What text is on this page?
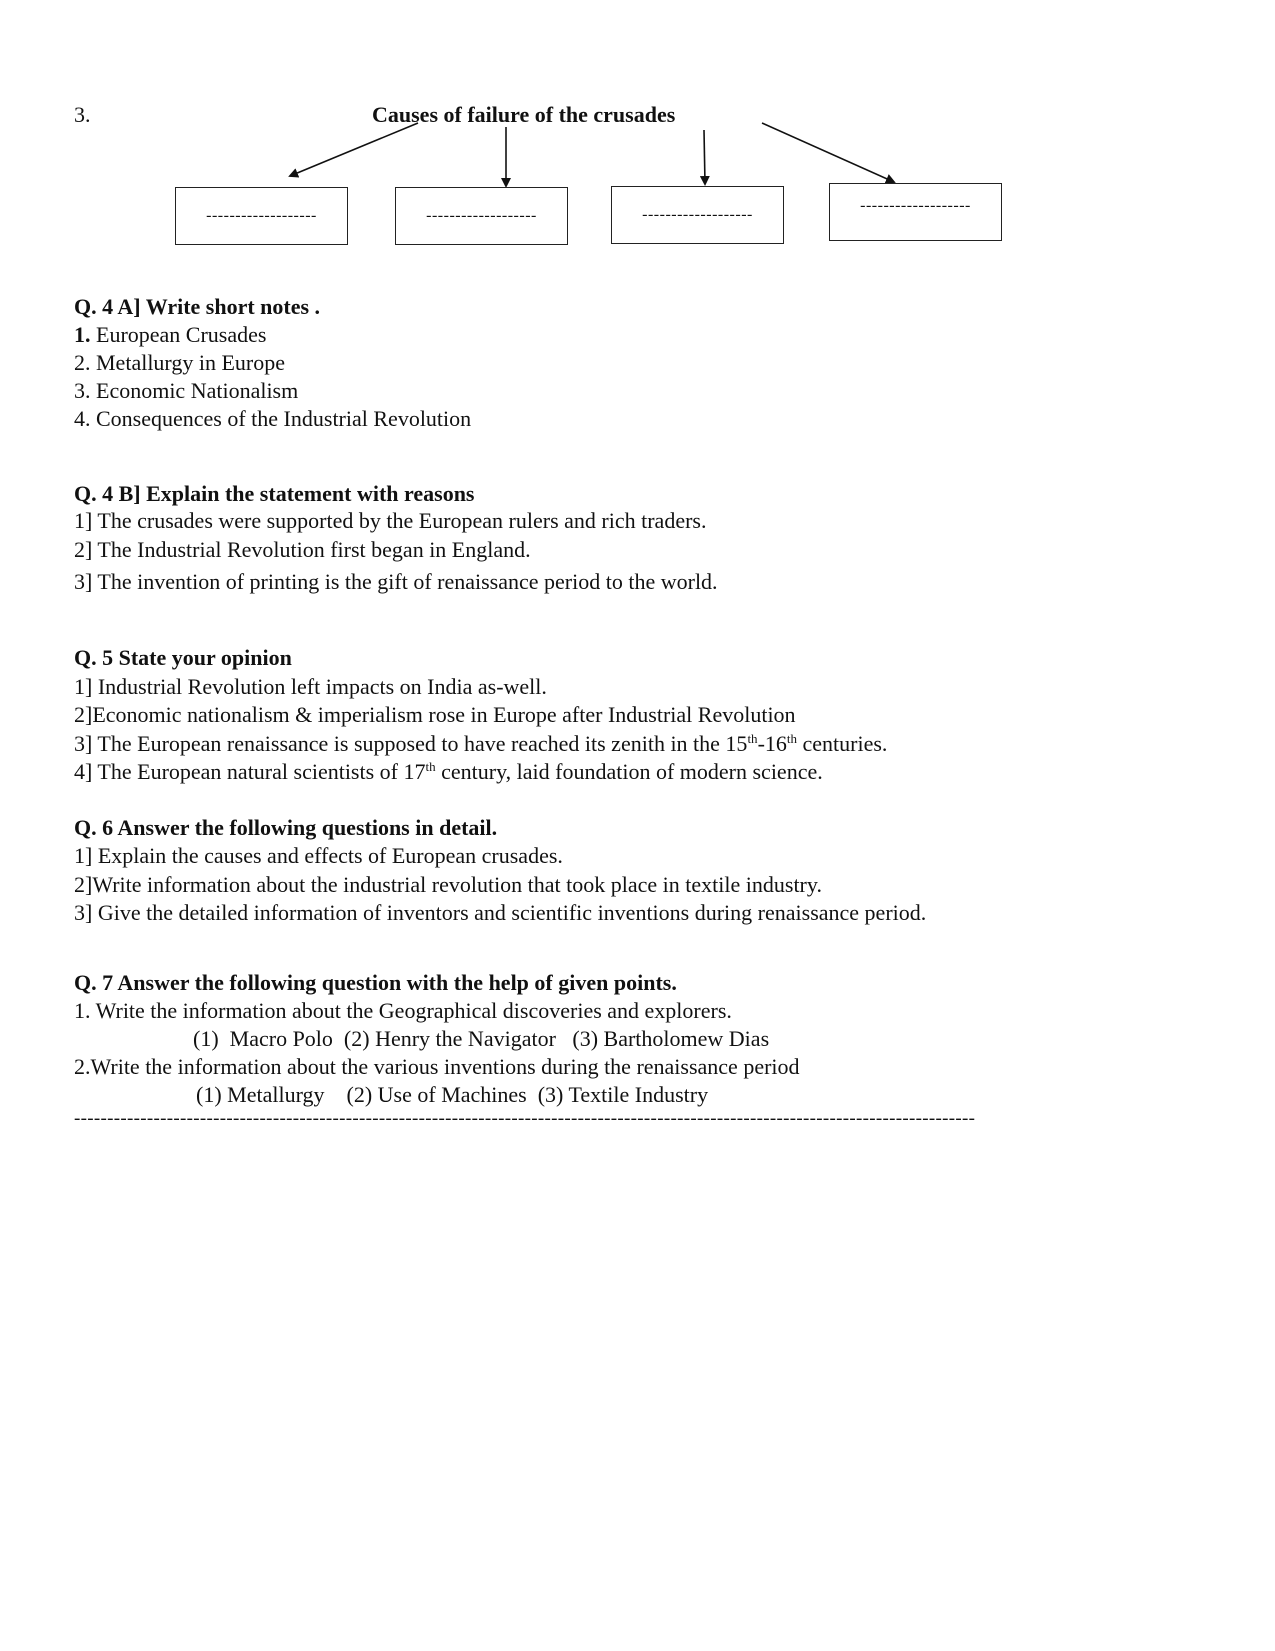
3.	Causes of failure of the crusades
-------------------	-------------------	-------------------
-------------------
Q. 4 A] Write short notes .
1. European Crusades
2. Metallurgy in Europe
3. Economic Nationalism
4. Consequences of the Industrial Revolution
Q. 4 B] Explain the statement with reasons
1] The crusades were supported by the European rulers and rich traders.
2] The Industrial Revolution first began in England.
3] The invention of printing is the gift of renaissance period to the world.
Q. 5 State your opinion
1] Industrial Revolution left impacts on India as-well.
2]Economic nationalism & imperialism rose in Europe after Industrial Revolution
3] The European renaissance is supposed to have reached its zenith in the 15th-16th centuries.
4] The European natural scientists of 17th century, laid foundation of modern science.
Q. 6 Answer the following questions in detail.
1] Explain the causes and effects of European crusades.
2]Write information about the industrial revolution that took place in textile industry.
3] Give the detailed information of inventors and scientific inventions during renaissance period.
Q. 7 Answer the following question with the help of given points.
1. Write the information about the Geographical discoveries and explorers.
(1)  Macro Polo  (2) Henry the Navigator   (3) Bartholomew Dias
2.Write the information about the various inventions during the renaissance period
(1) Metallurgy    (2) Use of Machines  (3) Textile Industry
----------------------------------------------------------------------------------------------------------------------------------------
